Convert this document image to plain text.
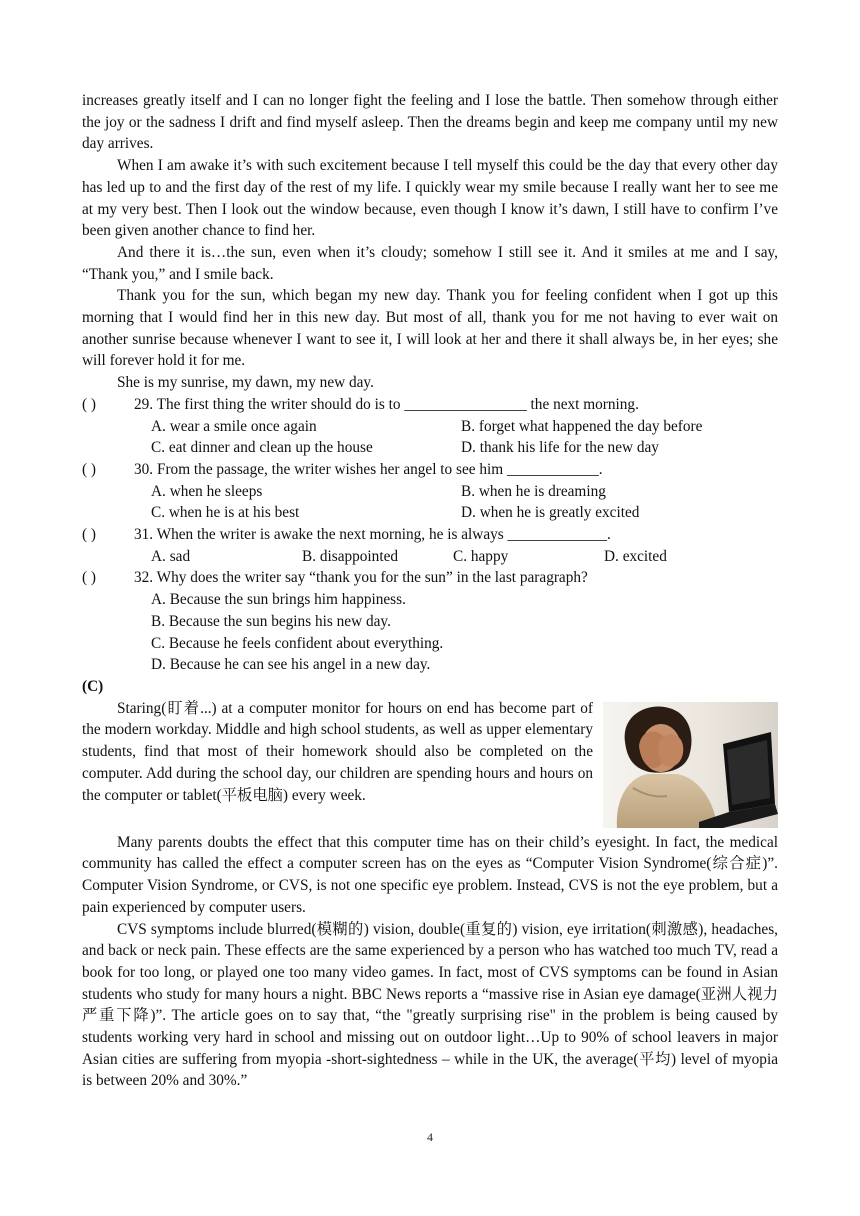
increases greatly itself and I can no longer fight the feeling and I lose the battle. Then somehow through either the joy or the sadness I drift and find myself asleep. Then the dreams begin and keep me company until my new day arrives.

When I am awake it’s with such excitement because I tell myself this could be the day that every other day has led up to and the first day of the rest of my life. I quickly wear my smile because I really want her to see me at my very best. Then I look out the window because, even though I know it’s dawn, I still have to confirm I’ve been given another chance to find her.

And there it is…the sun, even when it’s cloudy; somehow I still see it. And it smiles at me and I say, “Thank you,” and I smile back.

Thank you for the sun, which began my new day. Thank you for feeling confident when I got up this morning that I would find her in this new day. But most of all, thank you for me not having to ever wait on another sunrise because whenever I want to see it, I will look at her and there it shall always be, in her eyes; she will forever hold it for me.

She is my sunrise, my dawn, my new day.

( ) 29. The first thing the writer should do is to ________________ the next morning.

A. wear a smile once again	B. forget what happened the day before
C. eat dinner and clean up the house	D. thank his life for the new day

( ) 30. From the passage, the writer wishes her angel to see him ____________.

A. when he sleeps	B. when he is dreaming
C. when he is at his best	D. when he is greatly excited

( ) 31. When the writer is awake the next morning, he is always _____________.

A. sad	B. disappointed	C. happy	D. excited

( ) 32. Why does the writer say “thank you for the sun” in the last paragraph?

A. Because the sun brings him happiness.
B. Because the sun begins his new day.
C. Because he feels confident about everything.
D. Because he can see his angel in a new day.

(C)

Staring(盯着...) at a computer monitor for hours on end has become part of the modern workday. Middle and high school students, as well as upper elementary students, find that most of their homework should also be completed on the computer. Add during the school day, our children are spending hours and hours on the computer or tablet(平板电脑) every week.

Many parents doubts the effect that this computer time has on their child’s eyesight. In fact, the medical community has called the effect a computer screen has on the eyes as “Computer Vision Syndrome(综合症)”. Computer Vision Syndrome, or CVS, is not one specific eye problem. Instead, CVS is not the eye problem, but a pain experienced by computer users.

CVS symptoms include blurred(模糊的) vision, double(重复的) vision, eye irritation(刺激感), headaches, and back or neck pain. These effects are the same experienced by a person who has watched too much TV, read a book for too long, or played one too many video games. In fact, most of CVS symptoms can be found in Asian students who study for many hours a night. BBC News reports a “massive rise in Asian eye damage(亚洲人视力严重下降)”. The article goes on to say that, “the "greatly surprising rise" in the problem is being caused by students working very hard in school and missing out on outdoor light…Up to 90% of school leavers in major Asian cities are suffering from myopia -short-sightedness – while in the UK, the average(平均) level of myopia is between 20% and 30%.”

4
